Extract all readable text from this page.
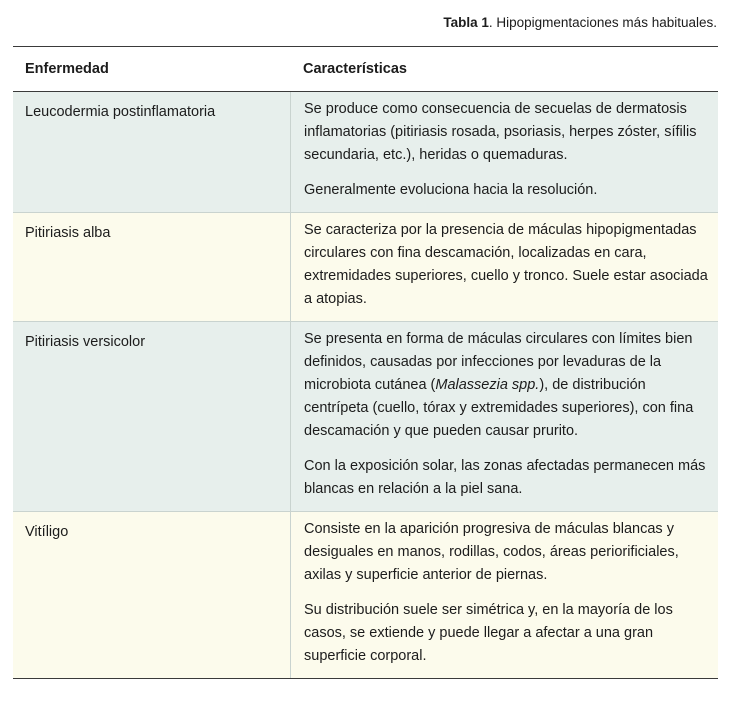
Tabla 1. Hipopigmentaciones más habituales.
Enfermedad	Características
Leucodermia postinflamatoria	Se produce como consecuencia de secuelas de dermatosis inflamatorias (pitiriasis rosada, psoriasis, herpes zóster, sífilis secundaria, etc.), heridas o quemaduras.

Generalmente evoluciona hacia la resolución.

Pitiriasis alba	Se caracteriza por la presencia de máculas hipopigmentadas circulares con fina descamación, localizadas en cara, extremidades superiores, cuello y tronco. Suele estar asociada a atopias.

Pitiriasis versicolor	Se presenta en forma de máculas circulares con límites bien definidos, causadas por infecciones por levaduras de la microbiota cutánea (Malassezia spp.), de distribución centrípeta (cuello, tórax y extremidades superiores), con fina descamación y que pueden causar prurito.

Con la exposición solar, las zonas afectadas permanecen más blancas en relación a la piel sana.

Vitíligo	Consiste en la aparición progresiva de máculas blancas y desiguales en manos, rodillas, codos, áreas periorificiales, axilas y superficie anterior de piernas.

Su distribución suele ser simétrica y, en la mayoría de los casos, se extiende y puede llegar a afectar a una gran superficie corporal.
